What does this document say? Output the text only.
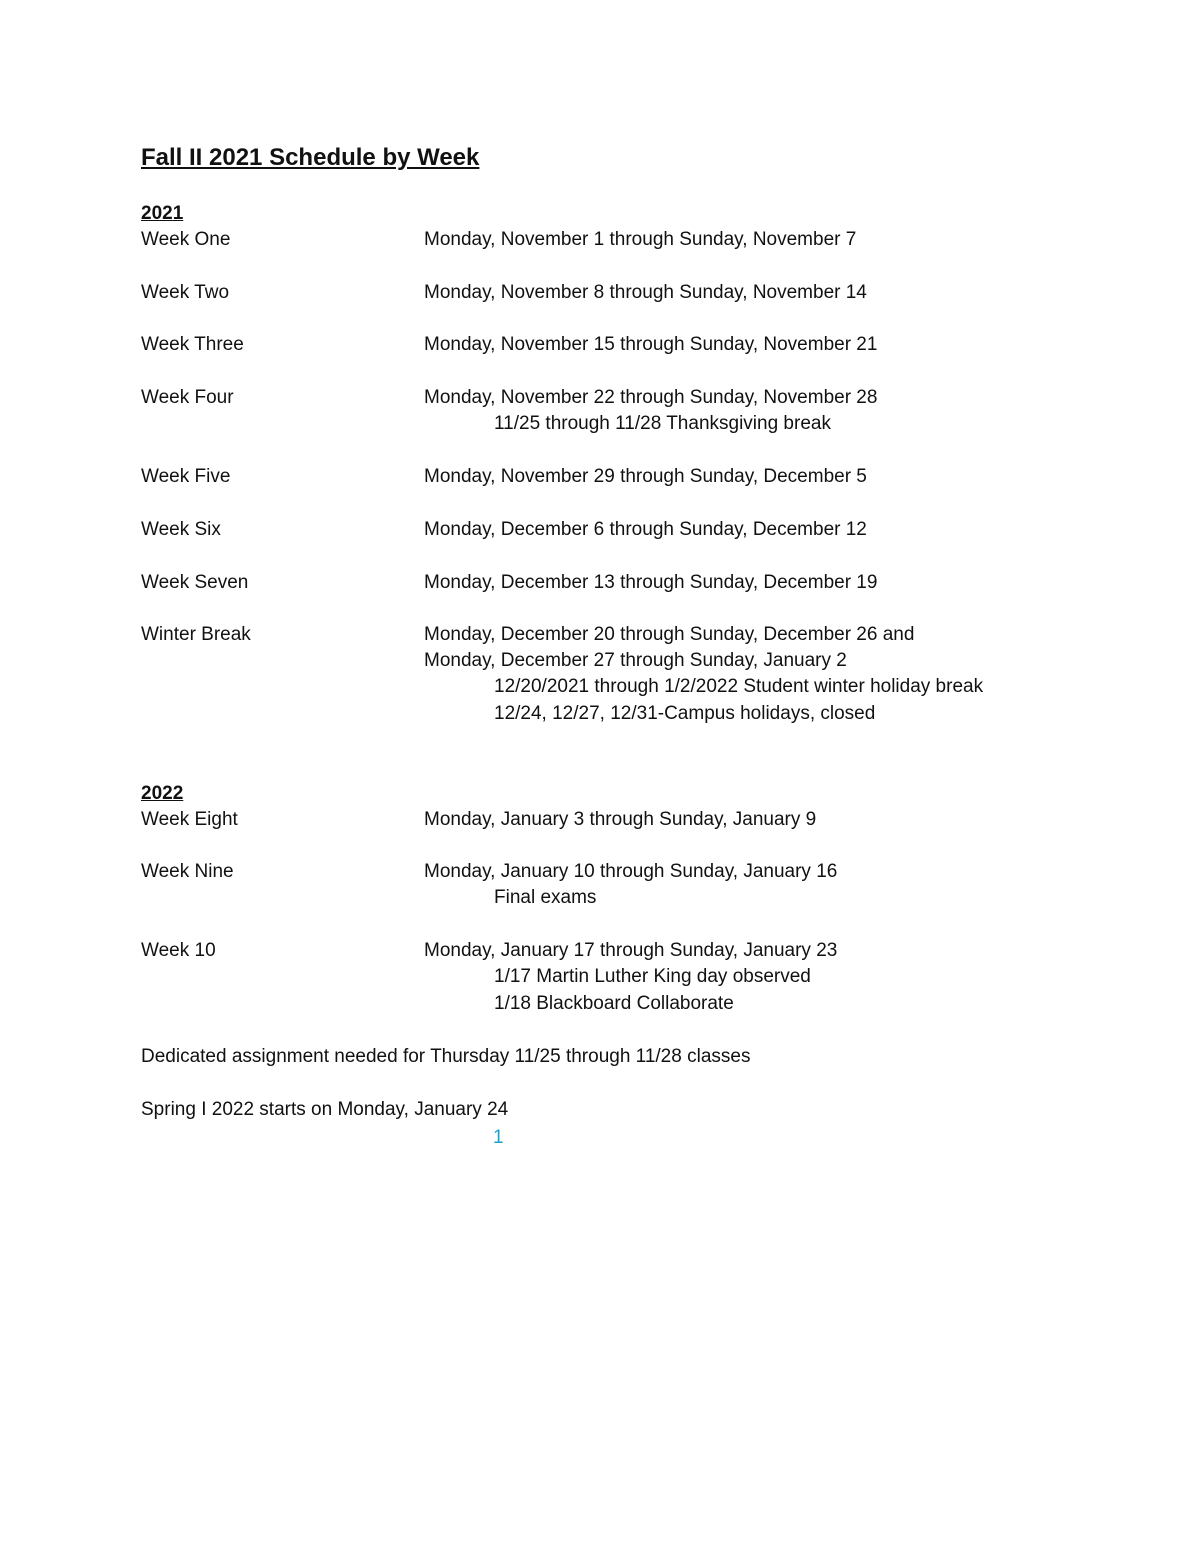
Fall II 2021 Schedule by Week
2021
Week One	Monday, November 1 through Sunday, November 7
Week Two	Monday, November 8 through Sunday, November 14
Week Three	Monday, November 15 through Sunday, November 21
Week Four	Monday, November 22 through Sunday, November 28
11/25 through 11/28 Thanksgiving break
Week Five	Monday, November 29 through Sunday, December 5
Week Six	Monday, December 6 through Sunday, December 12
Week Seven	Monday, December 13 through Sunday, December 19
Winter Break	Monday, December 20 through Sunday, December 26 and
Monday, December 27 through Sunday, January 2
12/20/2021 through 1/2/2022 Student winter holiday break
12/24, 12/27, 12/31-Campus holidays, closed
2022
Week Eight	Monday, January 3 through Sunday, January 9
Week Nine	Monday, January 10 through Sunday, January 16
Final exams
Week 10	Monday, January 17 through Sunday, January 23
1/17 Martin Luther King day observed
1/18 Blackboard Collaborate
Dedicated assignment needed for Thursday 11/25 through 11/28 classes
Spring I 2022 starts on Monday, January 24
1
